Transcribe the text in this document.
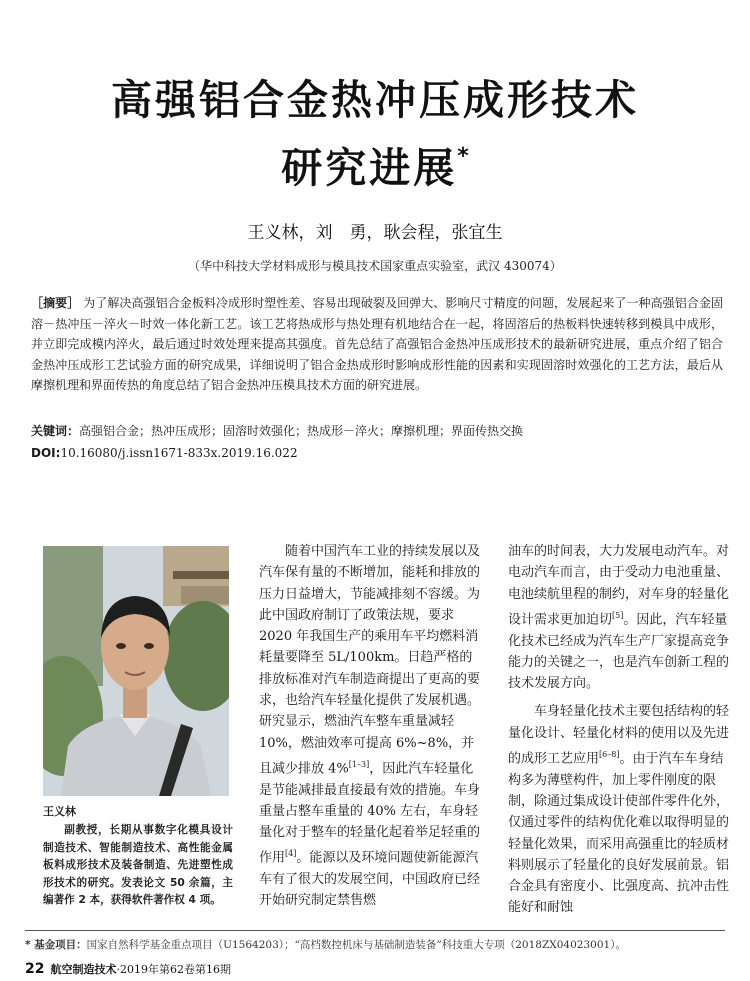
高强铝合金热冲压成形技术
研究进展*
王义林，刘　勇，耿会程，张宜生
（华中科技大学材料成形与模具技术国家重点实验室，武汉 430074）
［摘要］ 为了解决高强铝合金板料冷成形时塑性差、容易出现破裂及回弹大、影响尺寸精度的问题，发展起来了一种高强铝合金固溶－热冲压－淬火－时效一体化新工艺。该工艺将热成形与热处理有机地结合在一起，将固溶后的热板料快速转移到模具中成形，并立即完成模内淬火，最后通过时效处理来提高其强度。首先总结了高强铝合金热冲压成形技术的最新研究进展，重点介绍了铝合金热冲压成形工艺试验方面的研究成果，详细说明了铝合金热成形时影响成形性能的因素和实现固溶时效强化的工艺方法，最后从摩擦机理和界面传热的角度总结了铝合金热冲压模具技术方面的研究进展。
关键词：高强铝合金；热冲压成形；固溶时效强化；热成形－淬火；摩擦机理；界面传热交换
DOI:10.16080/j.issn1671-833x.2019.16.022
王义林
副教授，长期从事数字化模具设计制造技术、智能制造技术、高性能金属板料成形技术及装备制造、先进塑性成形技术的研究。发表论文 50 余篇，主编著作 2 本，获得软件著作权 4 项。

随着中国汽车工业的持续发展以及汽车保有量的不断增加，能耗和排放的压力日益增大，节能减排刻不容缓。为此中国政府制订了政策法规，要求 2020 年我国生产的乘用车平均燃料消耗量要降至 5L/100km。日趋严格的排放标准对汽车制造商提出了更高的要求，也给汽车轻量化提供了发展机遇。研究显示，燃油汽车整车重量减轻 10%，燃油效率可提高 6%~8%，并且减少排放 4%[1–3]，因此汽车轻量化是节能减排最直接最有效的措施。车身重量占整车重量的 40% 左右，车身轻量化对于整车的轻量化起着举足轻重的作用[4]。能源以及环境问题使新能源汽车有了很大的发展空间，中国政府已经开始研究制定禁售燃

油车的时间表，大力发展电动汽车。对电动汽车而言，由于受动力电池重量、电池续航里程的制约，对车身的轻量化设计需求更加迫切[5]。因此，汽车轻量化技术已经成为汽车生产厂家提高竞争能力的关键之一，也是汽车创新工程的技术发展方向。

车身轻量化技术主要包括结构的轻量化设计、轻量化材料的使用以及先进的成形工艺应用[6–8]。由于汽车车身结构多为薄壁构件，加上零件刚度的限制，除通过集成设计使部件零件化外，仅通过零件的结构优化难以取得明显的轻量化效果，而采用高强重比的轻质材料则展示了轻量化的良好发展前景。铝合金具有密度小、比强度高、抗冲击性能好和耐蚀

* 基金项目：国家自然科学基金重点项目（U1564203）；“高档数控机床与基础制造装备”科技重大专项（2018ZX04023001）。
22 航空制造技术·2019年第62卷第16期
